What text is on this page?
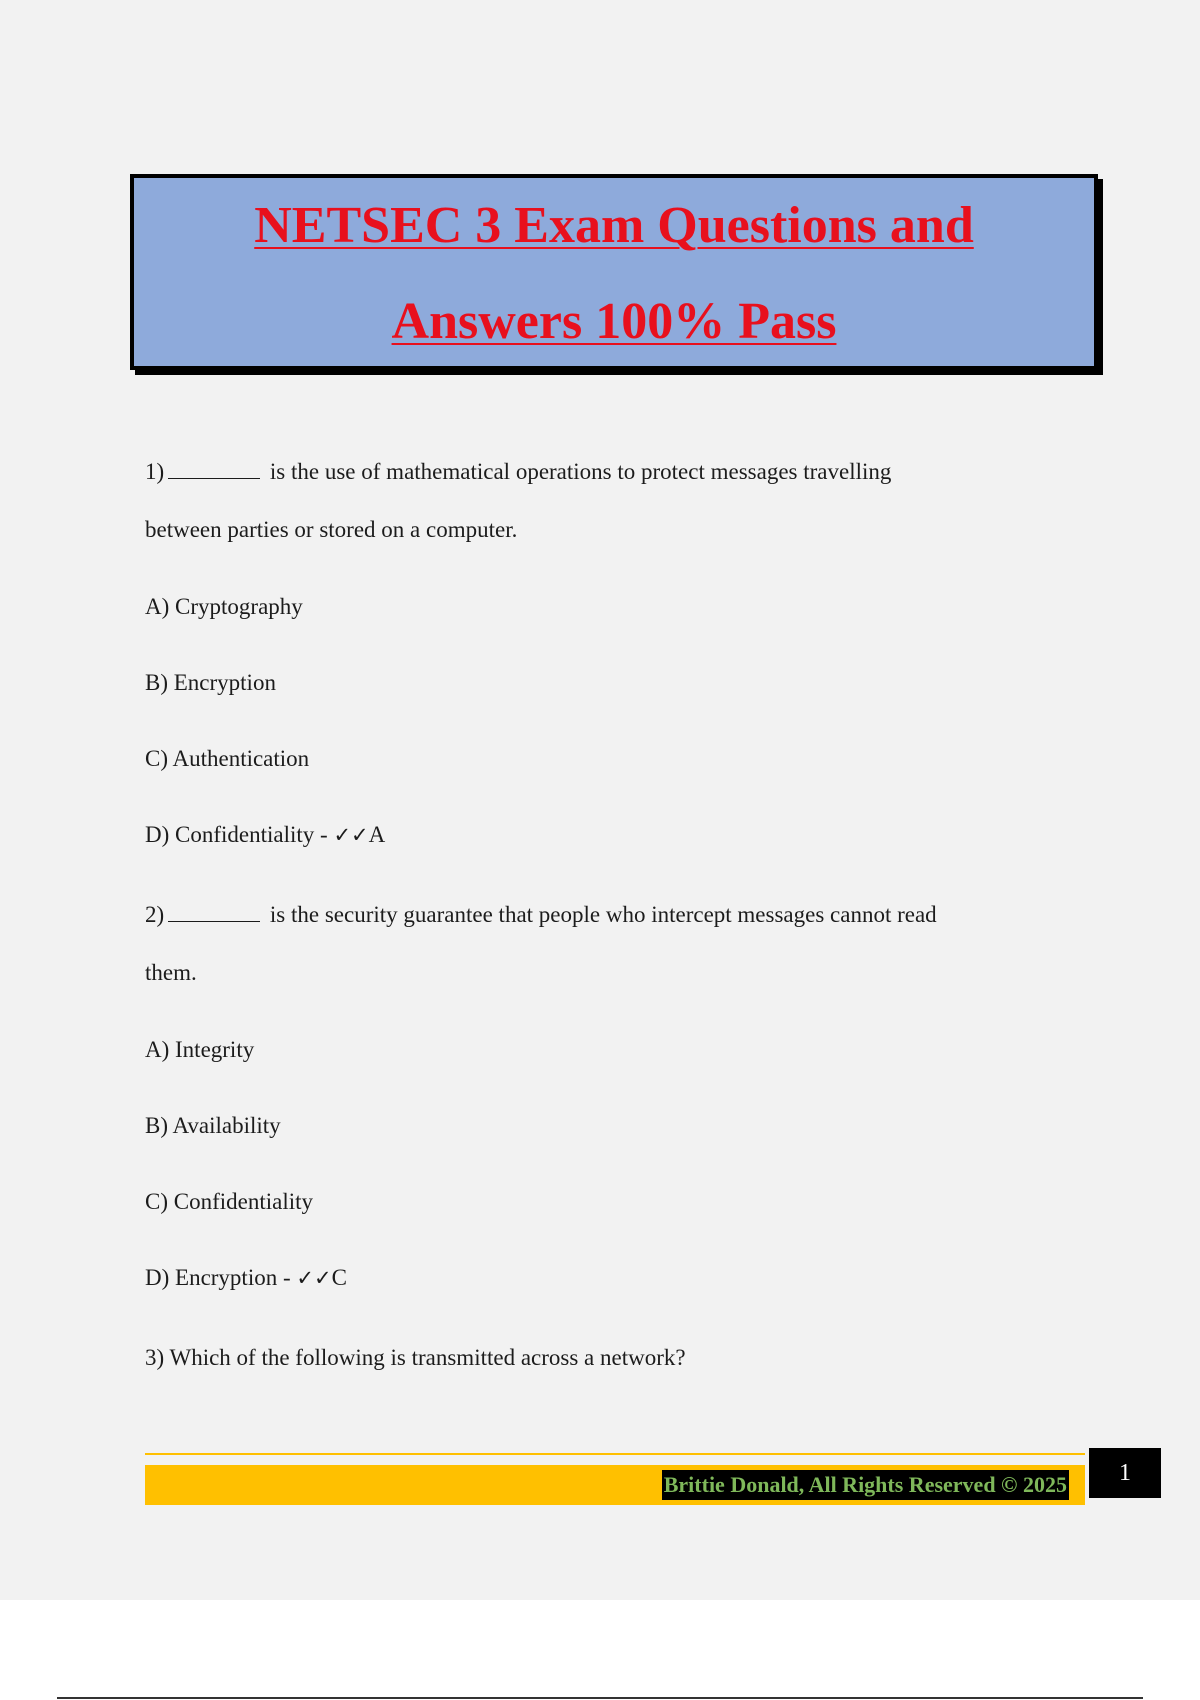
NETSEC 3 Exam Questions and
Answers 100% Pass
1)	is the use of mathematical operations to protect messages travelling
between parties or stored on a computer.
A) Cryptography
B) Encryption
C) Authentication
D) Confidentiality - ✓✓A
2)	is the security guarantee that people who intercept messages cannot read
them.
A) Integrity
B) Availability
C) Confidentiality
D) Encryption - ✓✓C
3) Which of the following is transmitted across a network?
Brittie Donald, All Rights Reserved © 2025	1
